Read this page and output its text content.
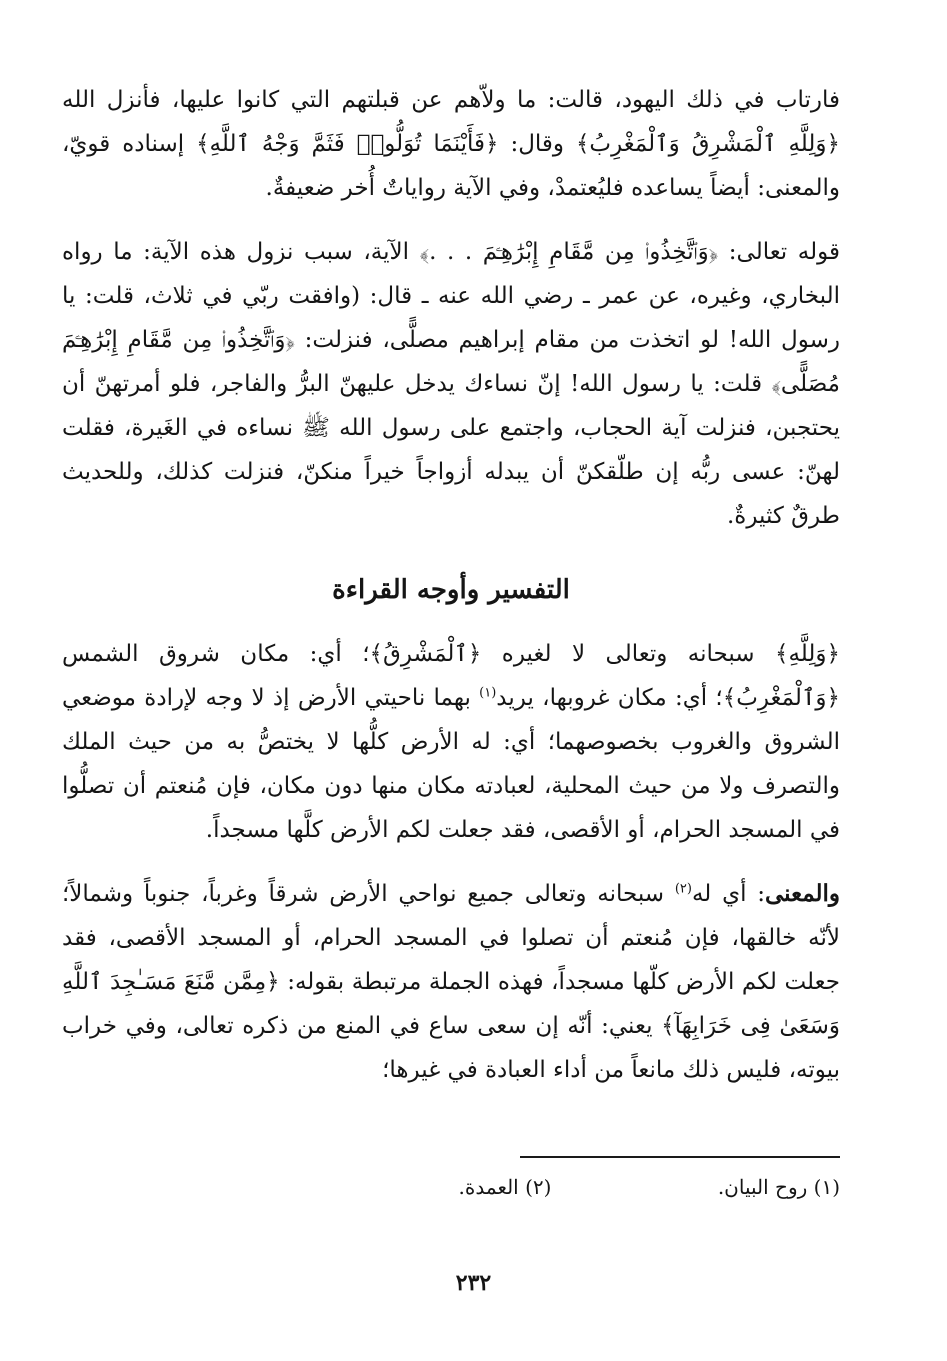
فارتاب في ذلك اليهود، قالت: ما ولاّهم عن قبلتهم التي كانوا عليها، فأنزل الله ﴿وَلِلَّهِ ٱلْمَشْرِقُ وَٱلْمَغْرِبُ﴾ وقال: ﴿فَأَيْنَمَا تُوَلُّوا۟ فَثَمَّ وَجْهُ ٱللَّهِ﴾ إسناده قويّ، والمعنى: أيضاً يساعده فليُعتمدْ، وفي الآية رواياتٌ أُخر ضعيفةٌ.

قوله تعالى: ﴿وَٱتَّخِذُوا۟ مِن مَّقَامِ إِبْرَٰهِـۧمَ . . .﴾ الآية، سبب نزول هذه الآية: ما رواه البخاري، وغيره، عن عمر ـ رضي الله عنه ـ قال: (وافقت ربّي في ثلاث، قلت: يا رسول الله! لو اتخذت من مقام إبراهيم مصلًّى، فنزلت: ﴿وَٱتَّخِذُوا۟ مِن مَّقَامِ إِبْرَٰهِـۧمَ مُصَلًّى﴾ قلت: يا رسول الله! إنّ نساءك يدخل عليهنّ البرُّ والفاجر، فلو أمرتهنّ أن يحتجبن، فنزلت آية الحجاب، واجتمع على رسول الله ﷺ نساءه في الغَيرة، فقلت لهنّ: عسى ربُّه إن طلّقكنّ أن يبدله أزواجاً خيراً منكنّ، فنزلت كذلك، وللحديث طرقٌ كثيرةٌ.

التفسير وأوجه القراءة

﴿وَلِلَّهِ﴾ سبحانه وتعالى لا لغيره ﴿ٱلْمَشْرِقُ﴾؛ أي: مكان شروق الشمس ﴿وَٱلْمَغْرِبُ﴾؛ أي: مكان غروبها، يريد$^{(١)}$ بهما ناحيتي الأرض إذ لا وجه لإرادة موضعي الشروق والغروب بخصوصهما؛ أي: له الأرض كلُّها لا يختصُّ به من حيث الملك والتصرف ولا من حيث المحلية، لعبادته مكان منها دون مكان، فإن مُنعتم أن تصلُّوا في المسجد الحرام، أو الأقصى، فقد جعلت لكم الأرض كلَّها مسجداً.

والمعنى: أي له$^{(٢)}$ سبحانه وتعالى جميع نواحي الأرض شرقاً وغرباً، جنوباً وشمالاً؛ لأنّه خالقها، فإن مُنعتم أن تصلوا في المسجد الحرام، أو المسجد الأقصى، فقد جعلت لكم الأرض كلّها مسجداً، فهذه الجملة مرتبطة بقوله: ﴿مِمَّن مَّنَعَ مَسَـٰجِدَ ٱللَّهِ وَسَعَىٰ فِى خَرَابِهَآ﴾ يعني: أنّه إن سعى ساع في المنع من ذكره تعالى، وفي خراب بيوته، فليس ذلك مانعاً من أداء العبادة في غيرها؛

(١) روح البيان. (٢) العمدة.
٢٣٢
